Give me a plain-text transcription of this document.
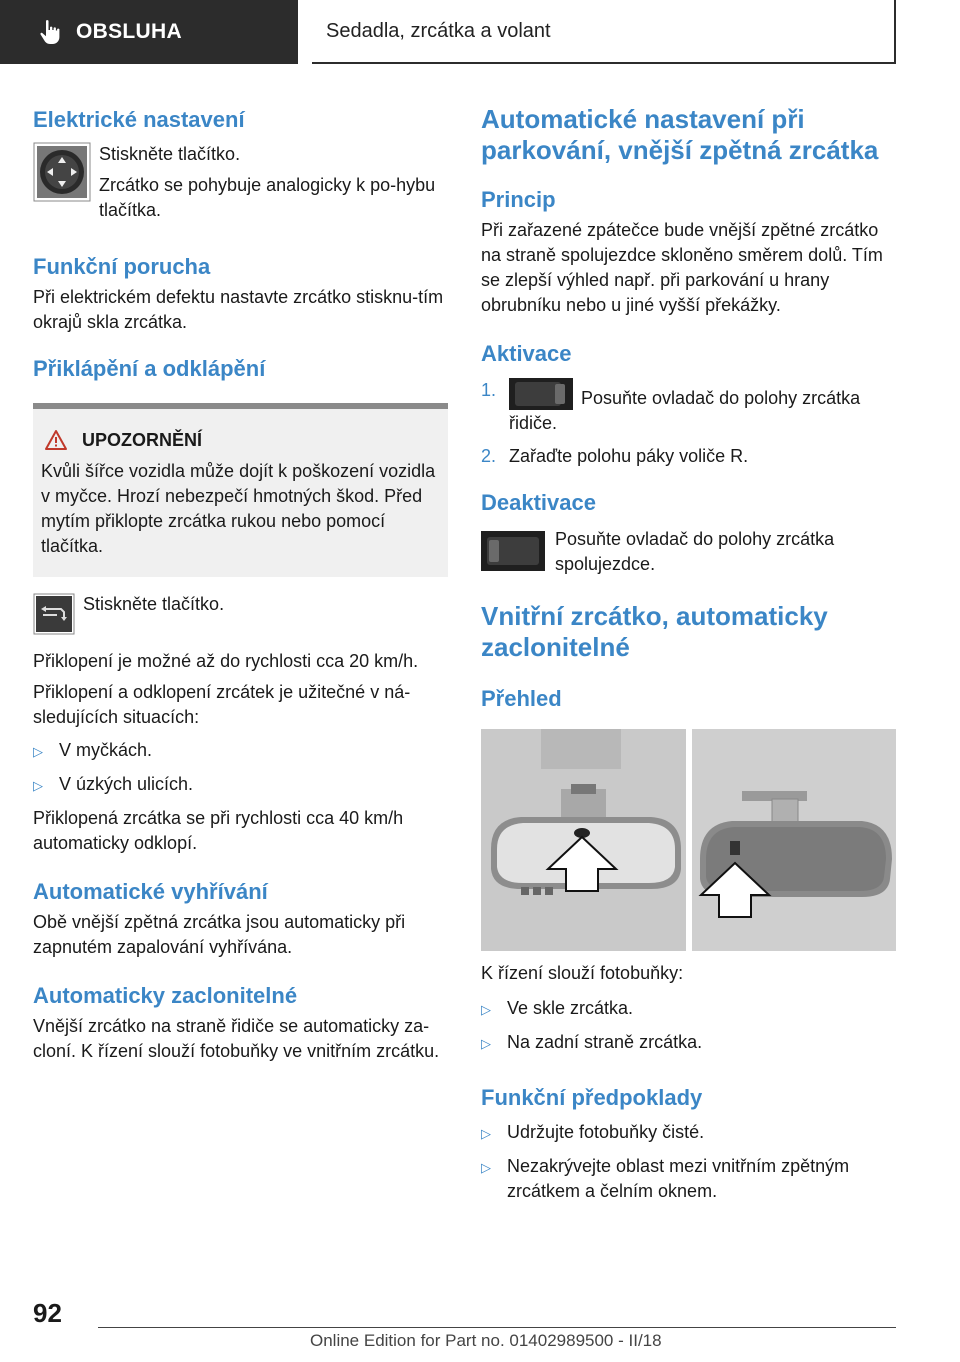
OBSLUHA	Sedadla, zrcátka a volant
Elektrické nastavení

Stiskněte tlačítko.

Zrcátko se pohybuje analogicky k po-hybu tlačítka.

Funkční porucha

Při elektrickém defektu nastavte zrcátko stisknu-tím okrajů skla zrcátka.

Přiklápění a odklápění
UPOZORNĚNÍ

Kvůli šířce vozidla může dojít k poškození vozidla v myčce. Hrozí nebezpečí hmotných škod. Před mytím přiklopte zrcátka rukou nebo pomocí tlačítka.

Stiskněte tlačítko.

Přiklopení je možné až do rychlosti cca 20 km/h.

Přiklopení a odklopení zrcátek je užitečné v ná-sledujících situacích:

▷ V myčkách.
▷ V úzkých ulicích.

Přiklopená zrcátka se při rychlosti cca 40 km/h automaticky odklopí.

Automatické vyhřívání

Obě vnější zpětná zrcátka jsou automaticky při zapnutém zapalování vyhřívána.

Automaticky zaclonitelné

Vnější zrcátko na straně řidiče se automaticky za-cloní. K řízení slouží fotobuňky ve vnitřním zrcátku.

Automatické nastavení při parkování, vnější zpětná zrcátka
Princip

Při zařazené zpátečce bude vnější zpětné zrcátko na straně spolujezdce skloněno směrem dolů. Tím se zlepší výhled např. při parkování u hrany obrubníku nebo u jiné vyšší překážky.

Aktivace
1.	Posuňte ovladač do polohy zrcátka řidiče.
2. Zařaďte polohu páky voliče R.
Deaktivace

Posuňte ovladač do polohy zrcátka spolujezdce.

Vnitřní zrcátko, automaticky zaclonitelné
Přehled

K řízení slouží fotobuňky:

▷ Ve skle zrcátka.
▷ Na zadní straně zrcátka.
Funkční předpoklady
▷ Udržujte fotobuňky čisté.
▷ Nezakrývejte oblast mezi vnitřním zpětným zrcátkem a čelním oknem.
92
Online Edition for Part no. 01402989500 - II/18
